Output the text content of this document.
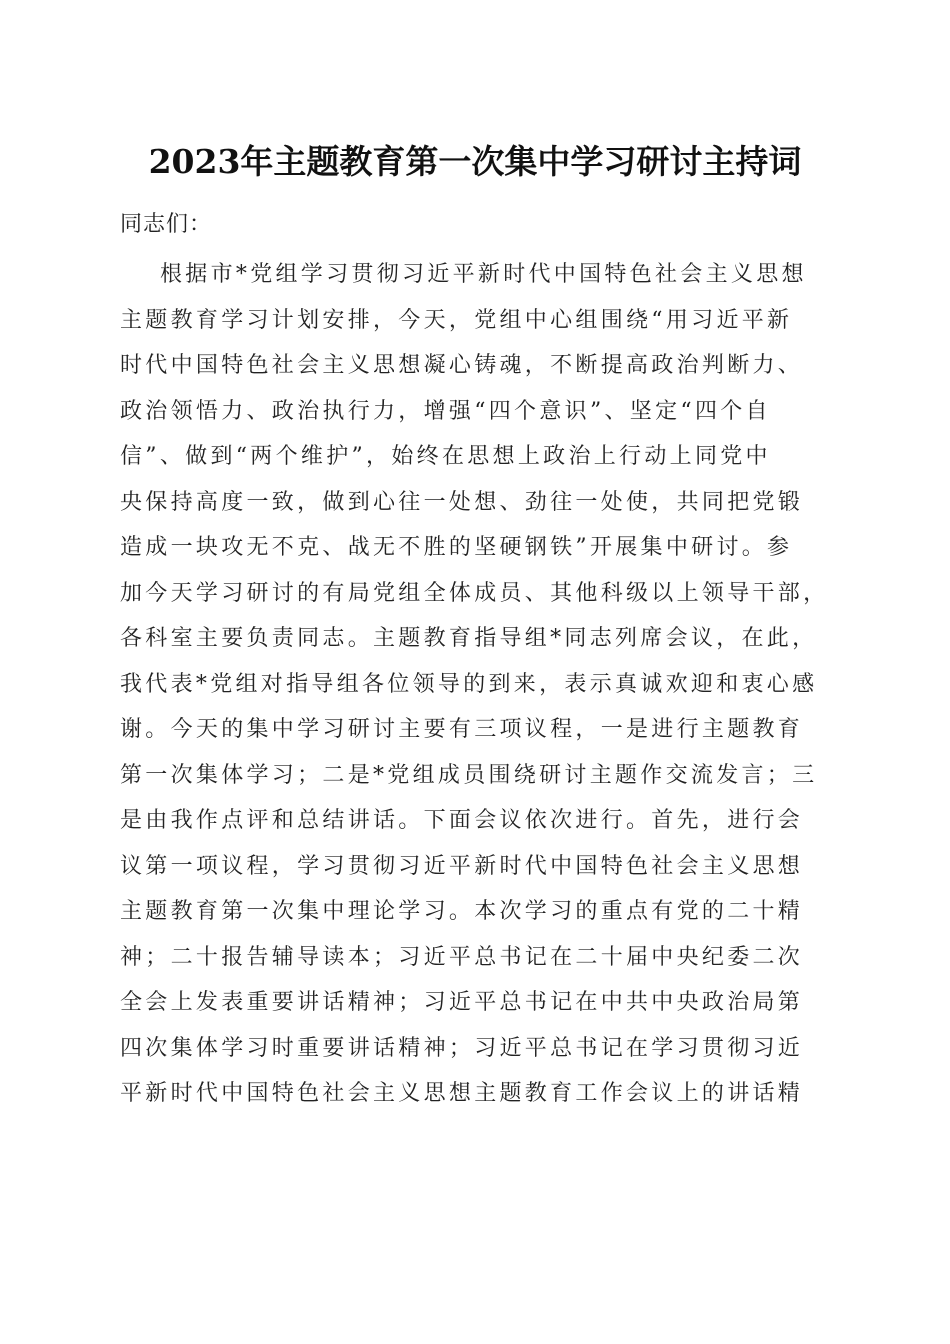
2023年主题教育第一次集中学习研讨主持词
同志们：
根据市*党组学习贯彻习近平新时代中国特色社会主义思想
主题教育学习计划安排，今天，党组中心组围绕“用习近平新
时代中国特色社会主义思想凝心铸魂，不断提高政治判断力、
政治领悟力、政治执行力，增强“四个意识”、坚定“四个自
信”、做到“两个维护”，始终在思想上政治上行动上同党中
央保持高度一致，做到心往一处想、劲往一处使，共同把党锻
造成一块攻无不克、战无不胜的坚硬钢铁”开展集中研讨。参
加今天学习研讨的有局党组全体成员、其他科级以上领导干部，
各科室主要负责同志。主题教育指导组*同志列席会议，在此，
我代表*党组对指导组各位领导的到来，表示真诚欢迎和衷心感
谢。今天的集中学习研讨主要有三项议程，一是进行主题教育
第一次集体学习；二是*党组成员围绕研讨主题作交流发言；三
是由我作点评和总结讲话。下面会议依次进行。首先，进行会
议第一项议程，学习贯彻习近平新时代中国特色社会主义思想
主题教育第一次集中理论学习。本次学习的重点有党的二十精
神；二十报告辅导读本；习近平总书记在二十届中央纪委二次
全会上发表重要讲话精神；习近平总书记在中共中央政治局第
四次集体学习时重要讲话精神；习近平总书记在学习贯彻习近
平新时代中国特色社会主义思想主题教育工作会议上的讲话精
